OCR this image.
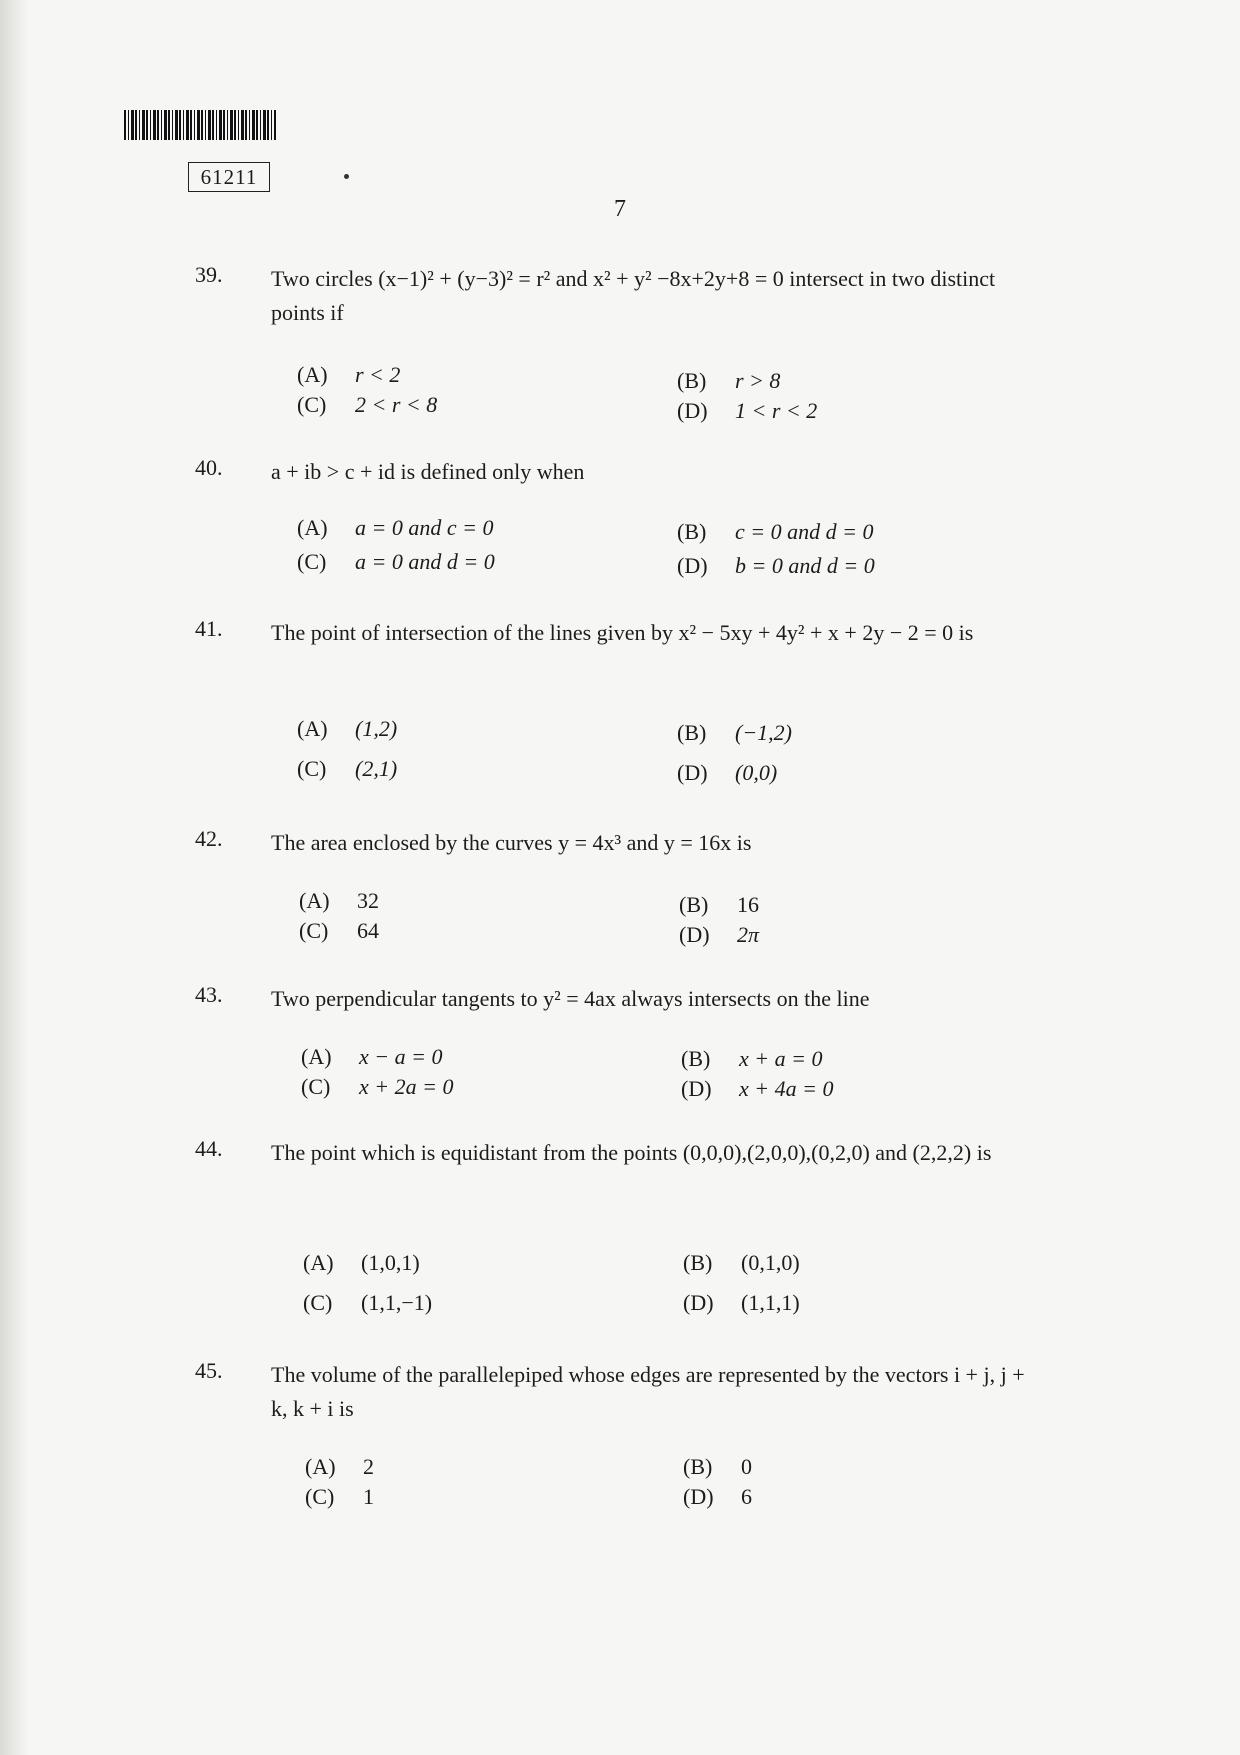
61211
7
39. Two circles (x−1)² + (y−3)² = r² and x² + y² −8x+2y+8 = 0 intersect in two distinct points if
(A) r < 2	(B) r > 8
(C) 2 < r < 8	(D) 1 < r < 2
40. a + ib > c + id is defined only when
(A) a = 0 and c = 0	(B) c = 0 and d = 0
(C) a = 0 and d = 0	(D) b = 0 and d = 0
41. The point of intersection of the lines given by x² − 5xy + 4y² + x + 2y − 2 = 0 is
(A) (1,2)	(B) (−1,2)
(C) (2,1)	(D) (0,0)
42. The area enclosed by the curves y = 4x³ and y = 16x is
(A) 32	(B) 16
(C) 64	(D) 2π
43. Two perpendicular tangents to y² = 4ax always intersects on the line
(A) x − a = 0	(B) x + a = 0
(C) x + 2a = 0	(D) x + 4a = 0
44. The point which is equidistant from the points (0,0,0),(2,0,0),(0,2,0) and (2,2,2) is
(A) (1,0,1)	(B) (0,1,0)
(C) (1,1,−1)	(D) (1,1,1)
45. The volume of the parallelepiped whose edges are represented by the vectors i + j, j + k, k + i is
(A) 2	(B) 0
(C) 1	(D) 6
